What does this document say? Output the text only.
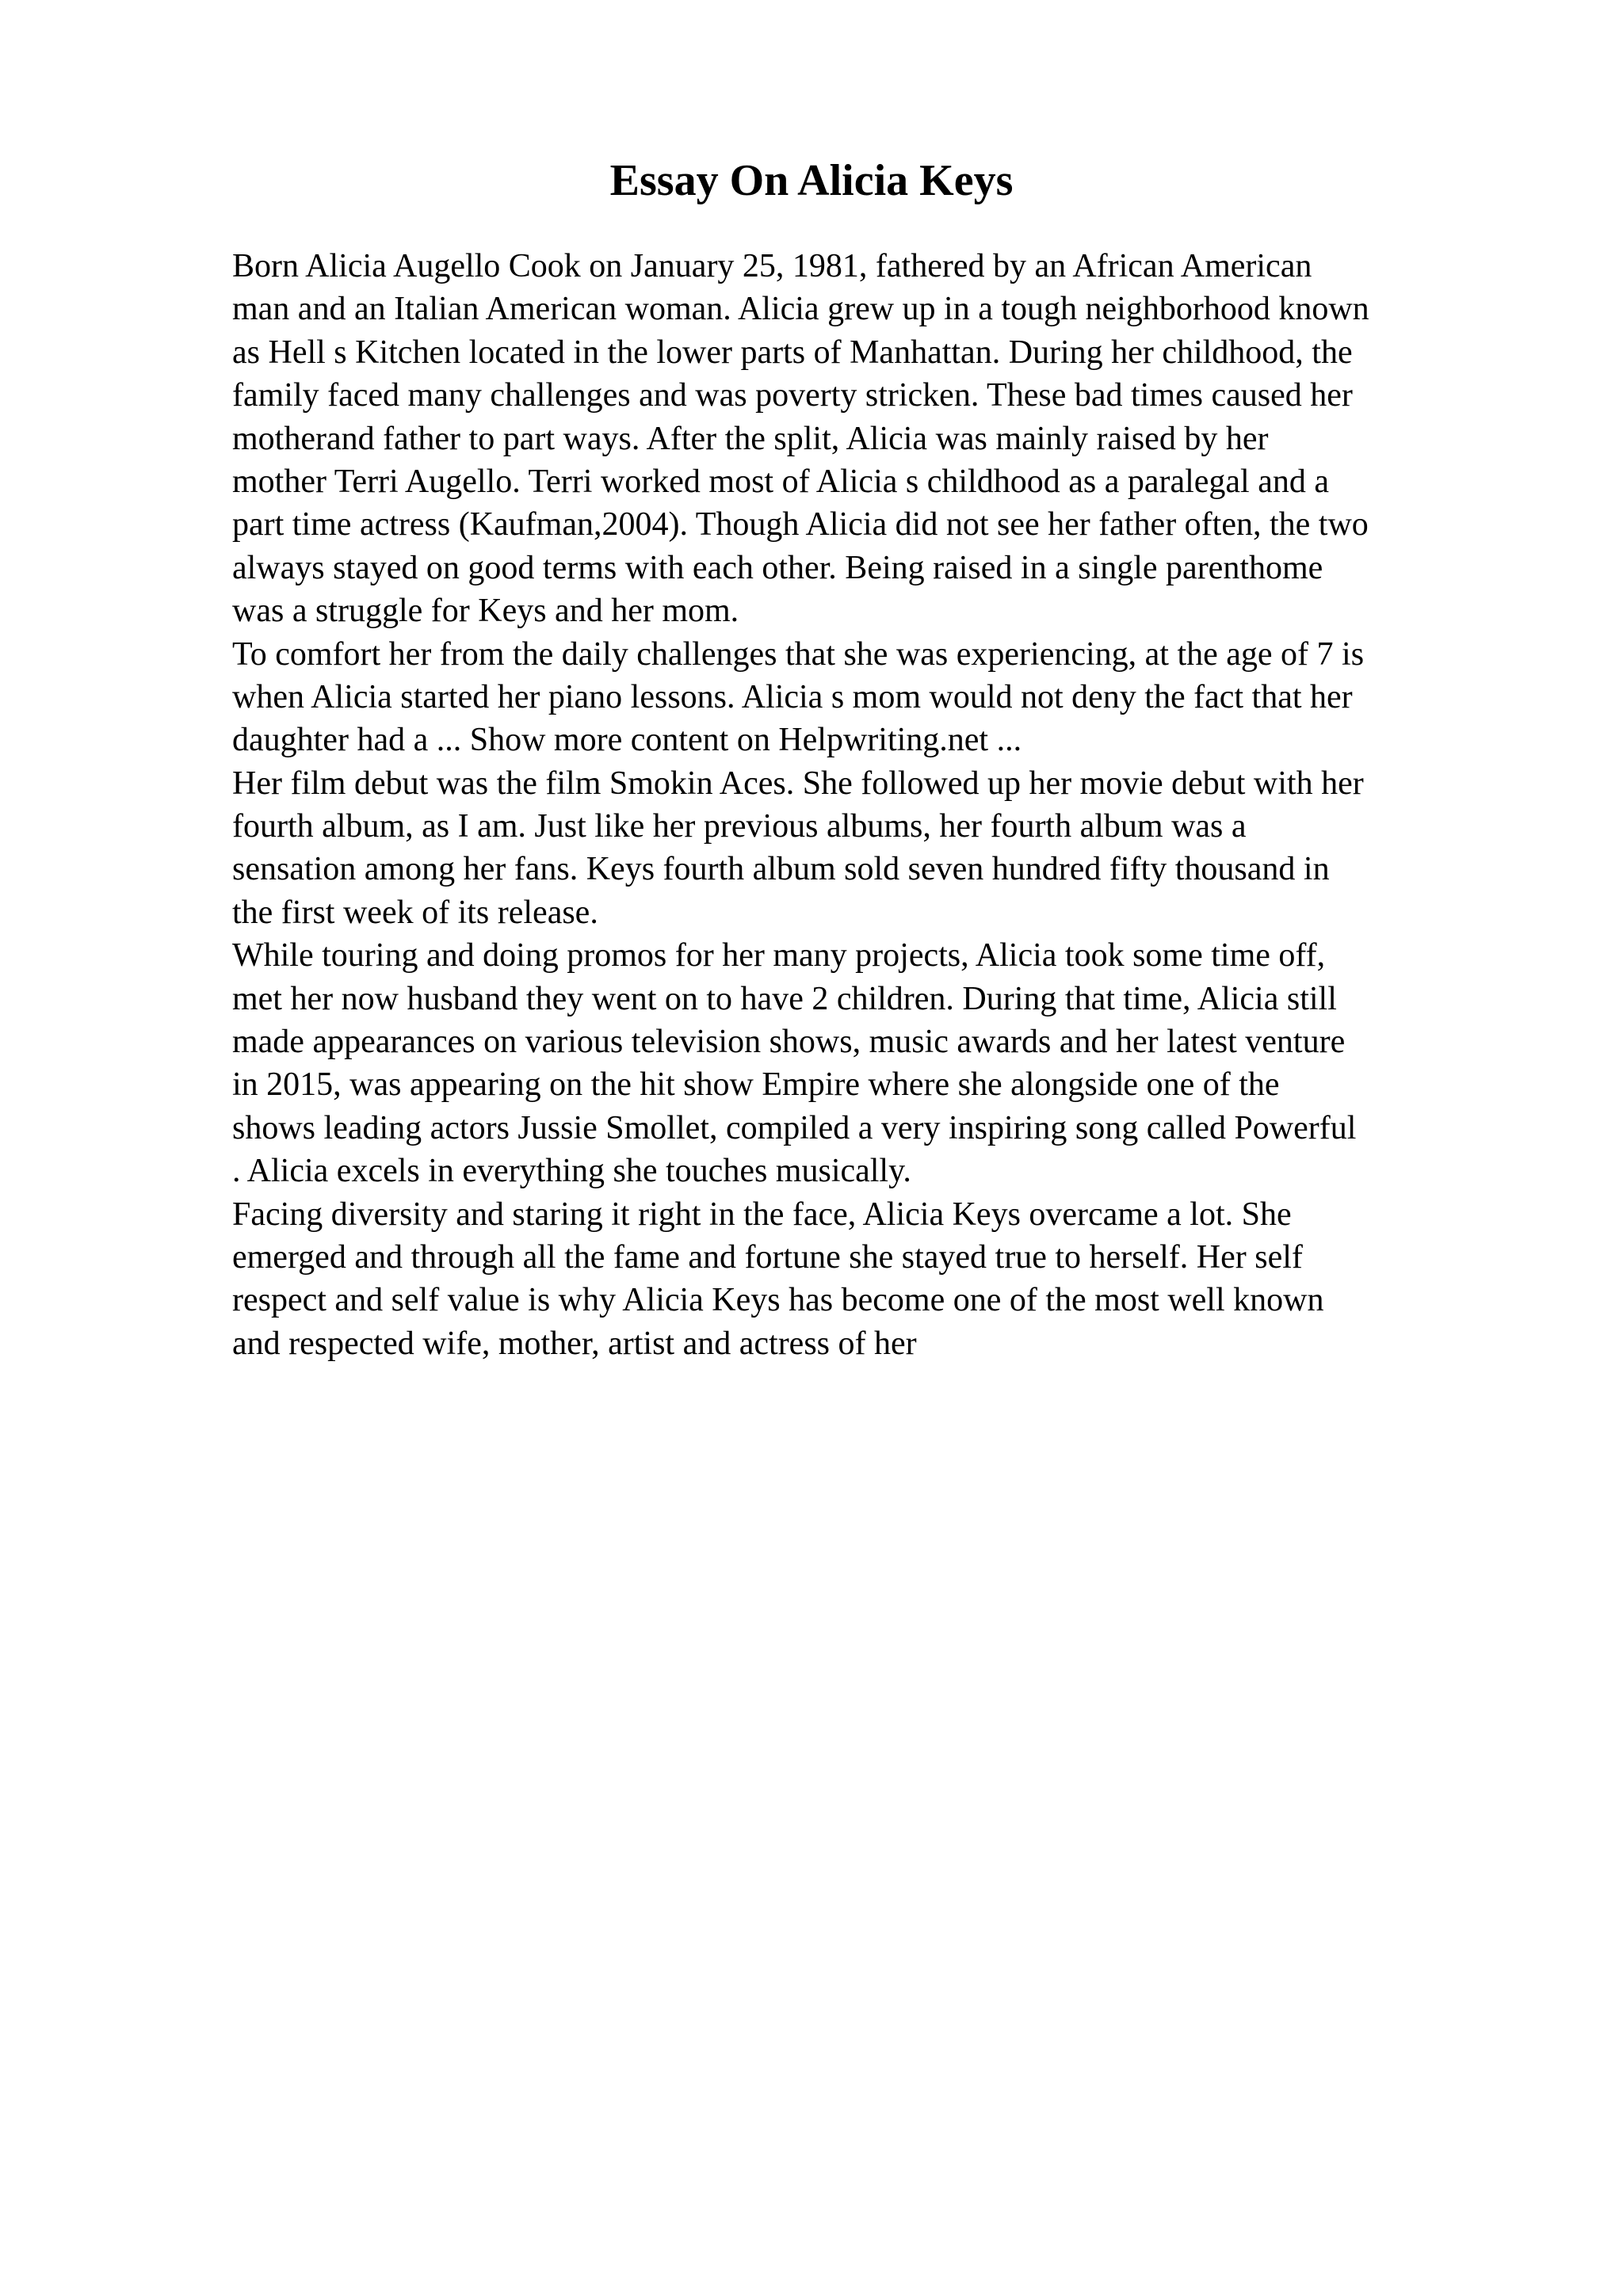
Essay On Alicia Keys
Born Alicia Augello Cook on January 25, 1981, fathered by an African American
man and an Italian American woman. Alicia grew up in a tough neighborhood known
as Hell s Kitchen located in the lower parts of Manhattan. During her childhood, the
family faced many challenges and was poverty stricken. These bad times caused her
motherand father to part ways. After the split, Alicia was mainly raised by her
mother Terri Augello. Terri worked most of Alicia s childhood as a paralegal and a
part time actress (Kaufman,2004). Though Alicia did not see her father often, the two
always stayed on good terms with each other. Being raised in a single parenthome
was a struggle for Keys and her mom.
To comfort her from the daily challenges that she was experiencing, at the age of 7 is
when Alicia started her piano lessons. Alicia s mom would not deny the fact that her
daughter had a ... Show more content on Helpwriting.net ...
Her film debut was the film Smokin Aces. She followed up her movie debut with her
fourth album, as I am. Just like her previous albums, her fourth album was a
sensation among her fans. Keys fourth album sold seven hundred fifty thousand in
the first week of its release.
While touring and doing promos for her many projects, Alicia took some time off,
met her now husband they went on to have 2 children. During that time, Alicia still
made appearances on various television shows, music awards and her latest venture
in 2015, was appearing on the hit show Empire where she alongside one of the
shows leading actors Jussie Smollet, compiled a very inspiring song called Powerful
. Alicia excels in everything she touches musically.
Facing diversity and staring it right in the face, Alicia Keys overcame a lot. She
emerged and through all the fame and fortune she stayed true to herself. Her self
respect and self value is why Alicia Keys has become one of the most well known
and respected wife, mother, artist and actress of her
